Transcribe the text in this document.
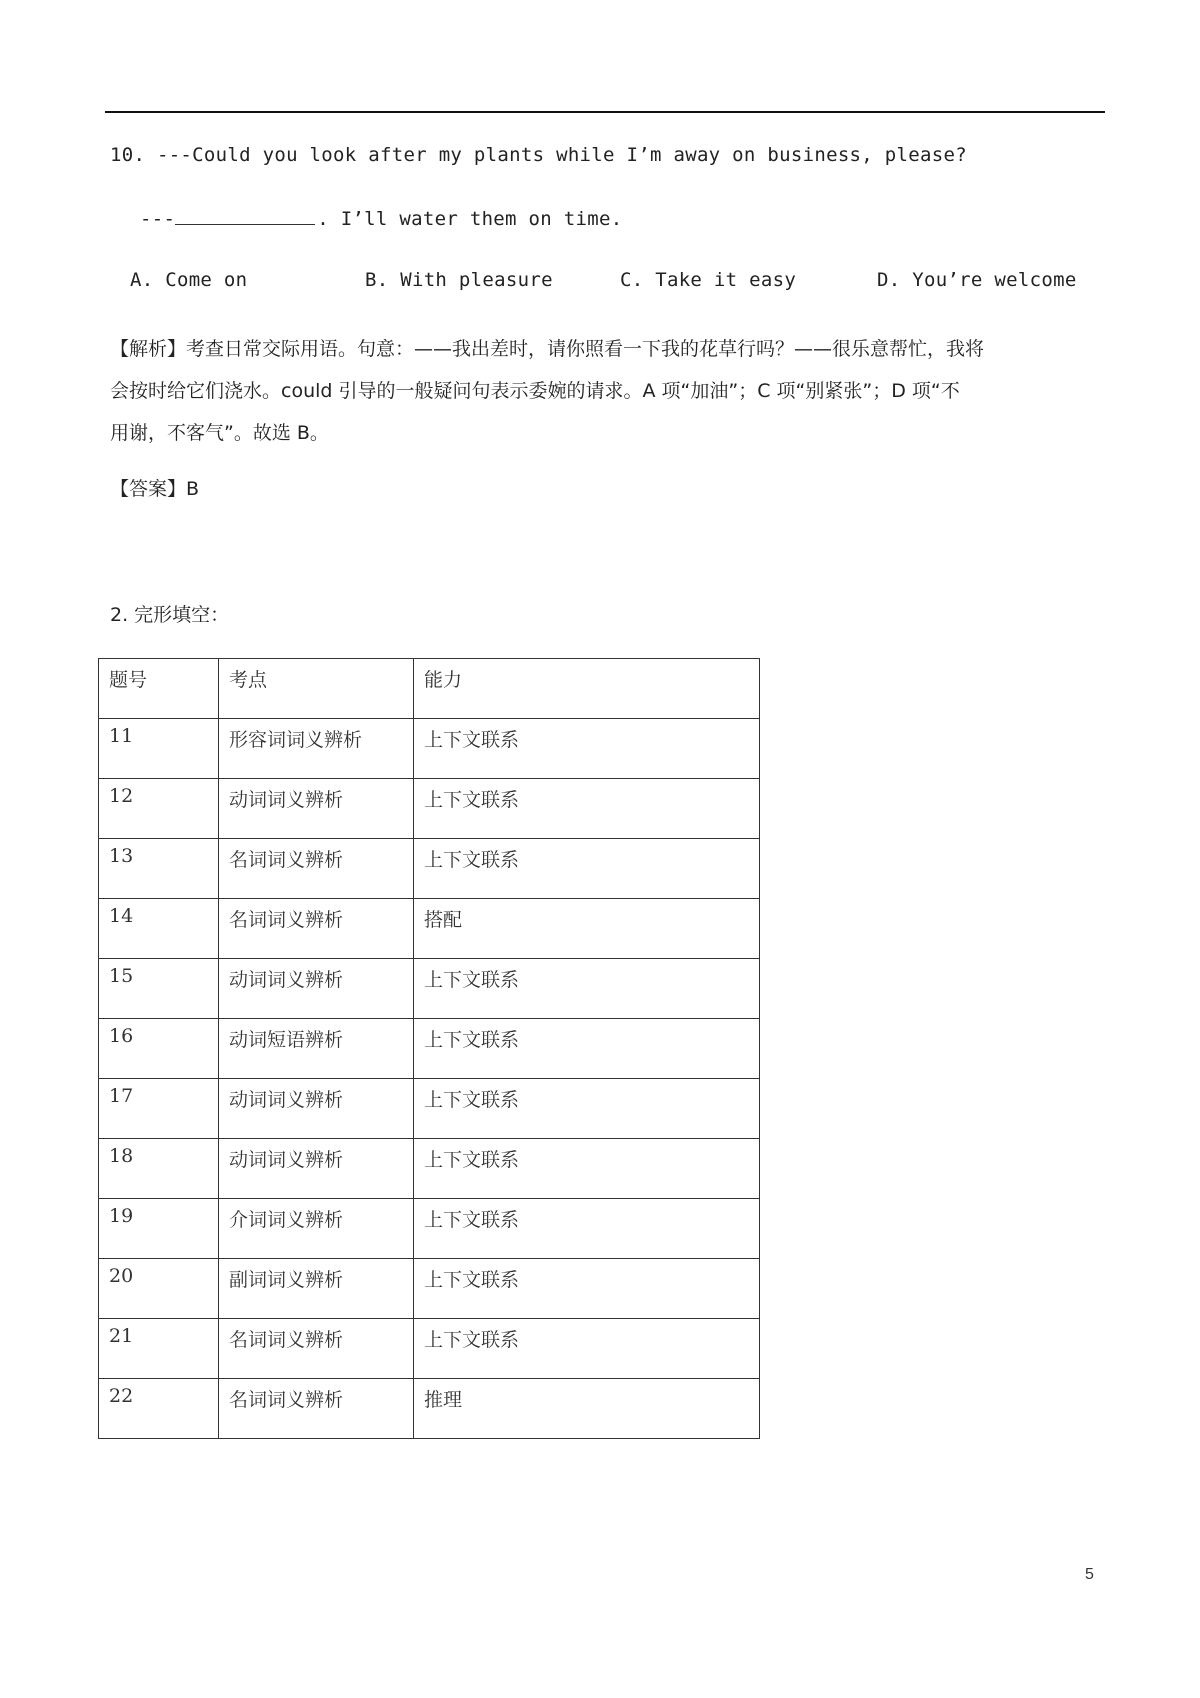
10. ---Could you look after my plants while I’m away on business, please?
---	. I’ll water them on time.
A. Come on	B. With pleasure	C. Take it easy	D. You’re welcome

【解析】考查日常交际用语。句意：——我出差时，请你照看一下我的花草行吗？——很乐意帮忙，我将

会按时给它们浇水。could 引导的一般疑问句表示委婉的请求。A 项“加油”；C 项“别紧张”；D 项“不

用谢，不客气”。故选 B。

【答案】B
2. 完形填空：
题号	考点	能力
11	形容词词义辨析	上下文联系
12	动词词义辨析	上下文联系
13	名词词义辨析	上下文联系
14	名词词义辨析	搭配
15	动词词义辨析	上下文联系
16	动词短语辨析	上下文联系
17	动词词义辨析	上下文联系
18	动词词义辨析	上下文联系
19	介词词义辨析	上下文联系
20	副词词义辨析	上下文联系
21	名词词义辨析	上下文联系
22	名词词义辨析	推理
5
